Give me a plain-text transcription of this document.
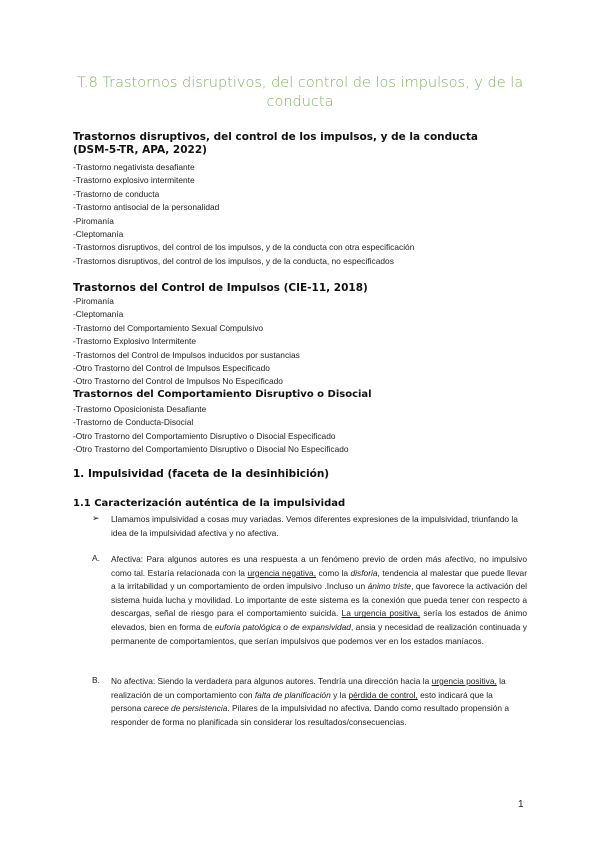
T.8 Trastornos disruptivos, del control de los impulsos, y de la conducta
Trastornos disruptivos, del control de los impulsos, y de la conducta (DSM-5-TR, APA, 2022)
-Trastorno negativista desafiante
-Trastorno explosivo intermitente
-Trastorno de conducta
-Trastorno antisocial de la personalidad
-Piromanía
-Cleptomanía
-Trastornos disruptivos, del control de los impulsos, y de la conducta con otra especificación
-Trastornos disruptivos, del control de los impulsos, y de la conducta, no especificados
Trastornos del Control de Impulsos (CIE-11, 2018)
-Piromanía
-Cleptomanía
-Trastorno del Comportamiento Sexual Compulsivo
-Trastorno Explosivo Intermitente
-Trastornos del Control de Impulsos inducidos por sustancias
-Otro Trastorno del Control de Impulsos Especificado
-Otro Trastorno del Control de Impulsos No Especificado
Trastornos del Comportamiento Disruptivo o Disocial
-Trastorno Oposicionista Desafiante
-Trastorno de Conducta-Disocial
-Otro Trastorno del Comportamiento Disruptivo o Disocial Especificado
-Otro Trastorno del Comportamiento Disruptivo o Disocial No Especificado
1. Impulsividad (faceta de la desinhibición)
1.1 Caracterización auténtica de la impulsividad
➢ Llamamos impulsividad a cosas muy variadas. Vemos diferentes expresiones de la impulsividad, triunfando la idea de la impulsividad afectiva y no afectiva.
A. Afectiva: Para algunos autores es una respuesta a un fenómeno previo de orden más afectivo, no impulsivo como tal. Estaría relacionada con la urgencia negativa, como la disforia, tendencia al malestar que puede llevar a la irritabilidad y un comportamiento de orden impulsivo .Incluso un ánimo triste, que favorece la activación del sistema huida lucha y movilidad. Lo importante de este sistema es la conexión que pueda tener con respecto a descargas, señal de riesgo para el comportamiento suicida. La urgencia positiva, sería los estados de ánimo elevados, bien en forma de euforia patológica o de expansividad, ansia y necesidad de realización continuada y permanente de comportamientos, que serían impulsivos que podemos ver en los estados maníacos.
B. No afectiva: Siendo la verdadera para algunos autores. Tendría una dirección hacia la urgencia positiva, la realización de un comportamiento con falta de planificación y la pérdida de control, esto indicará que la persona carece de persistencia. Pilares de la impulsividad no afectiva. Dando como resultado propensión a responder de forma no planificada sin considerar los resultados/consecuencias.
1
